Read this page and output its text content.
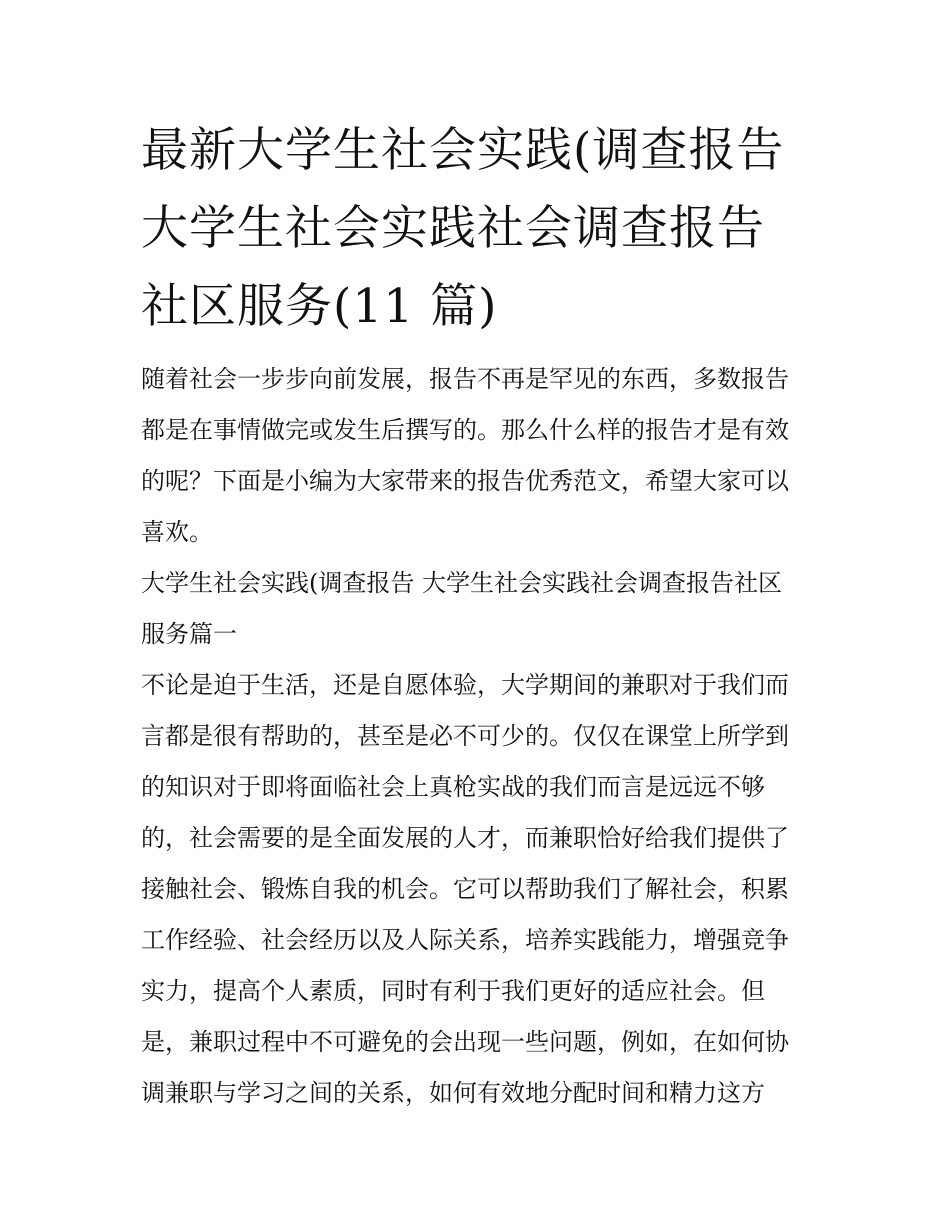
最新大学生社会实践(调查报告
大学生社会实践社会调查报告
社区服务(11 篇)

随着社会一步步向前发展，报告不再是罕见的东西，多数报告
都是在事情做完或发生后撰写的。那么什么样的报告才是有效
的呢？下面是小编为大家带来的报告优秀范文，希望大家可以
喜欢。

大学生社会实践(调查报告 大学生社会实践社会调查报告社区
服务篇一

不论是迫于生活，还是自愿体验，大学期间的兼职对于我们而
言都是很有帮助的，甚至是必不可少的。仅仅在课堂上所学到
的知识对于即将面临社会上真枪实战的我们而言是远远不够
的，社会需要的是全面发展的人才，而兼职恰好给我们提供了
接触社会、锻炼自我的机会。它可以帮助我们了解社会，积累
工作经验、社会经历以及人际关系，培养实践能力，增强竞争
实力，提高个人素质，同时有利于我们更好的适应社会。但
是，兼职过程中不可避免的会出现一些问题，例如，在如何协
调兼职与学习之间的关系，如何有效地分配时间和精力这方
